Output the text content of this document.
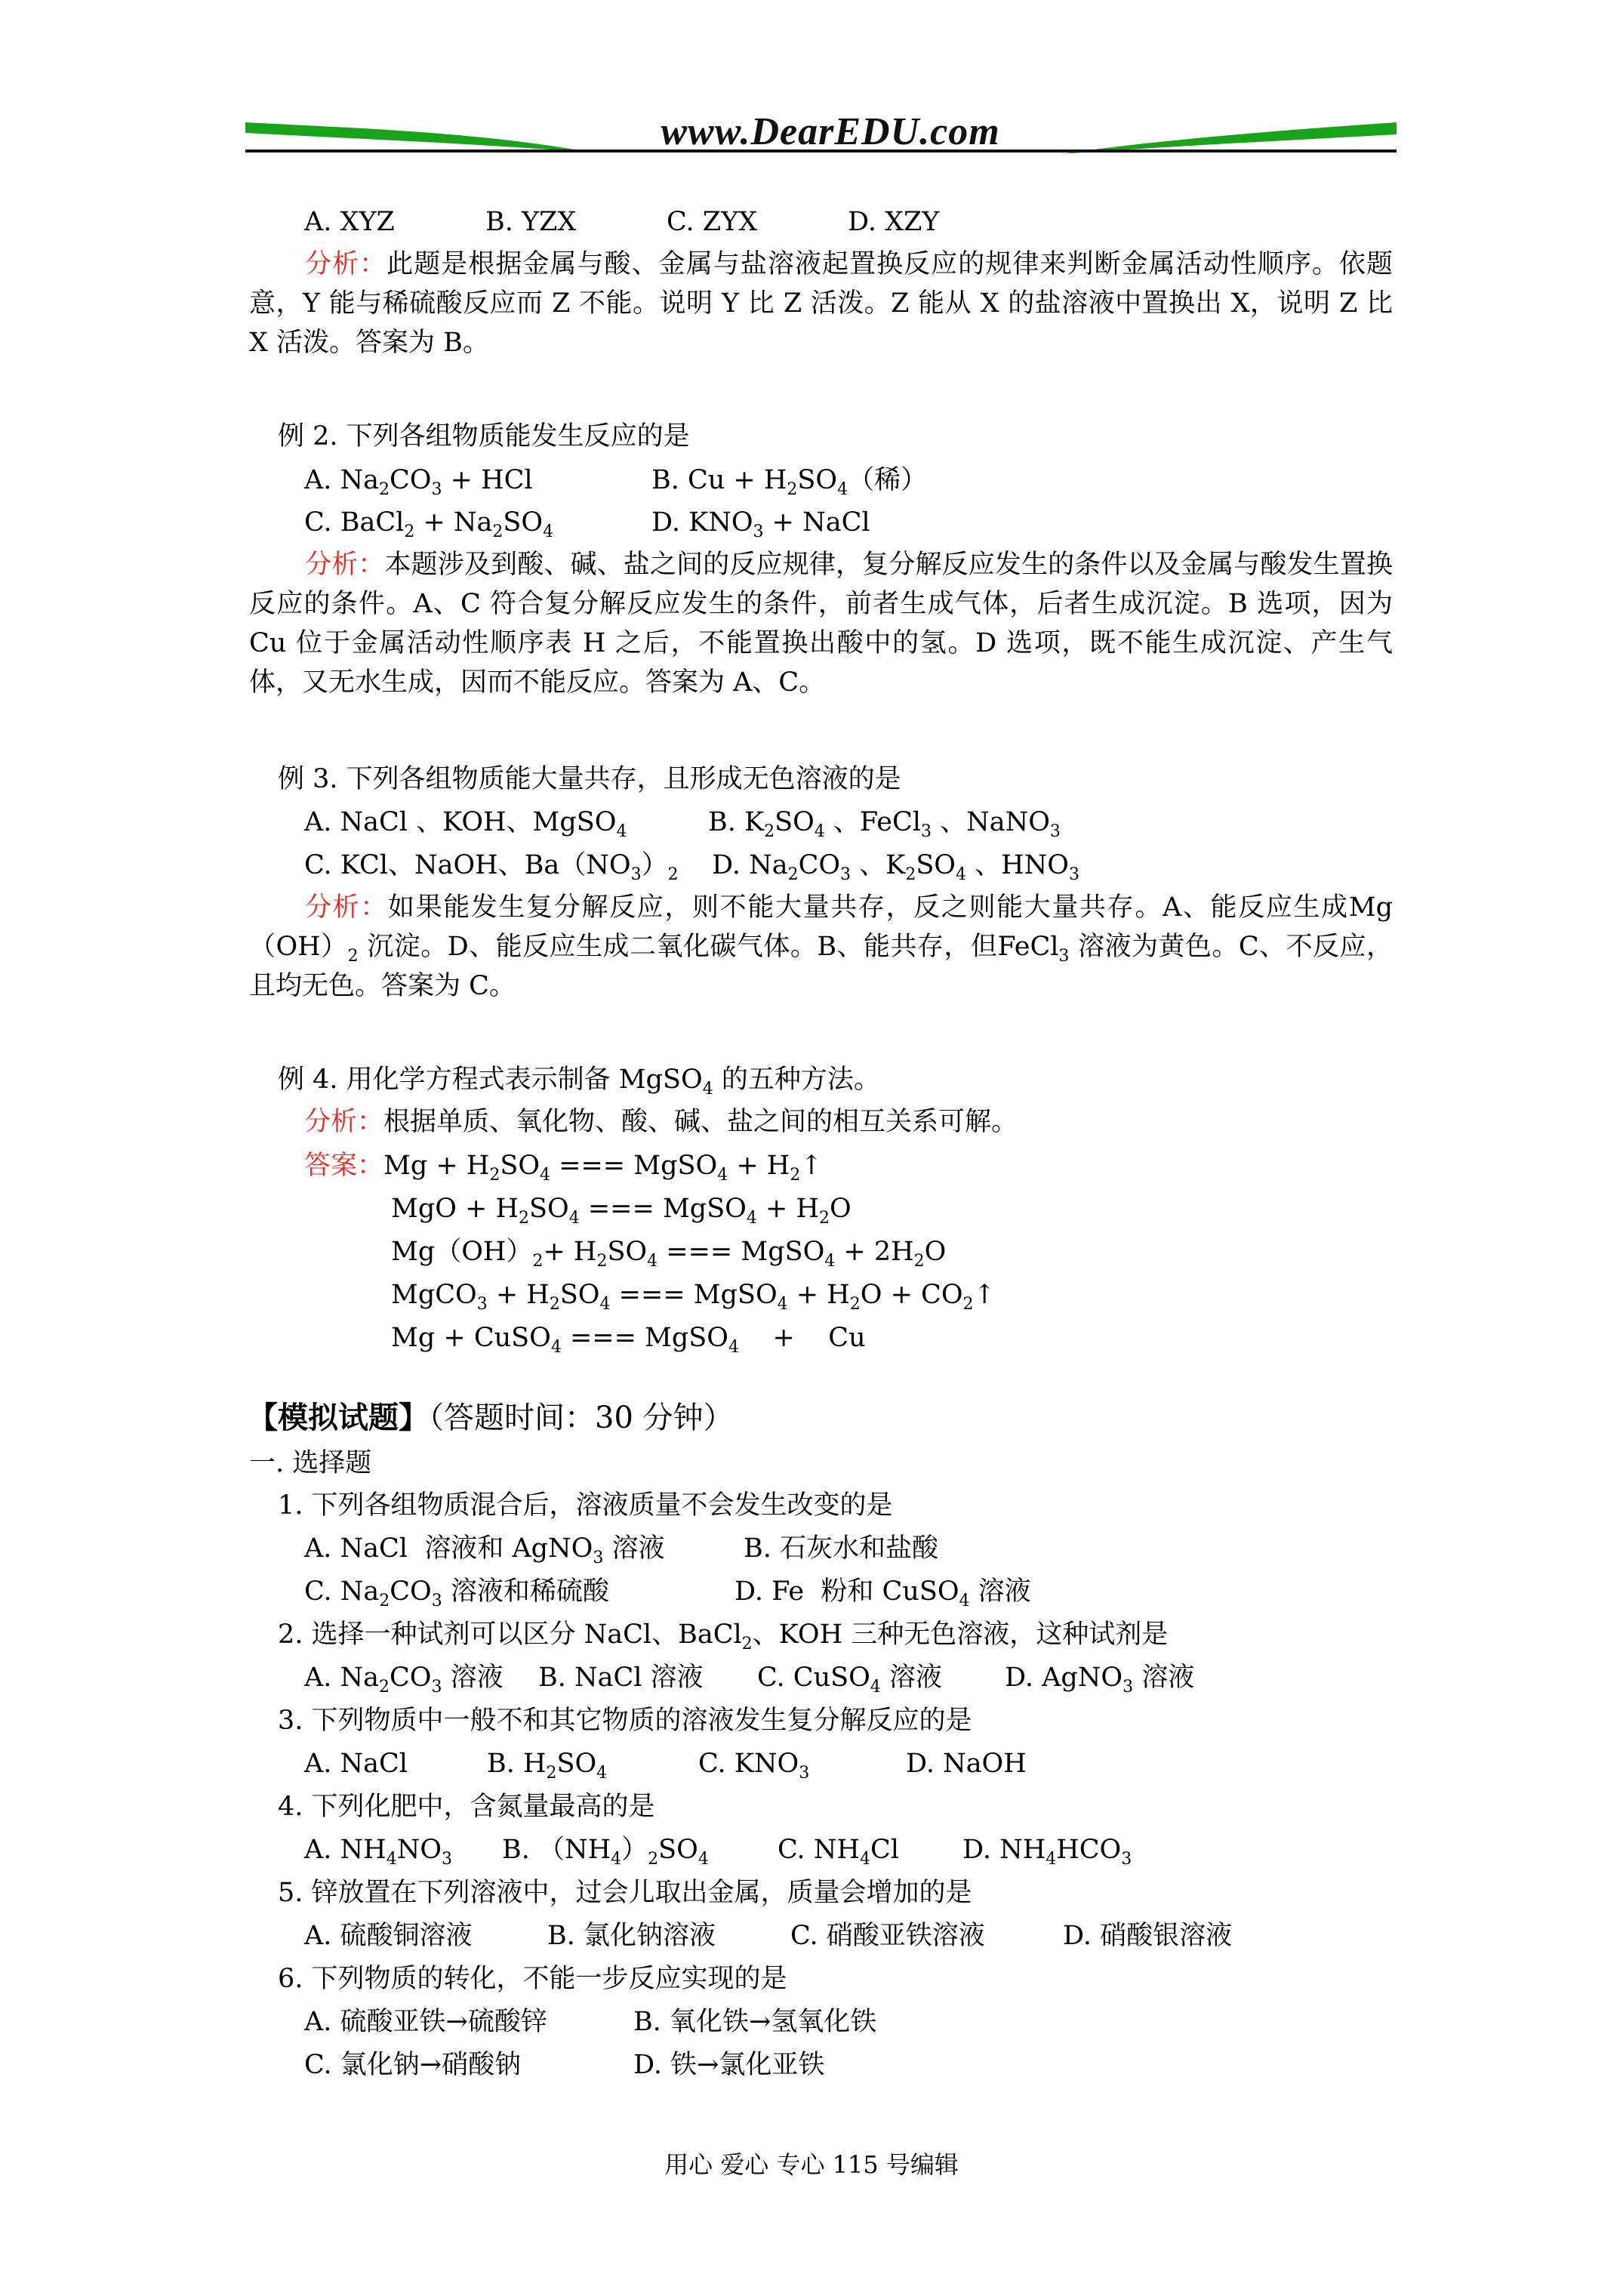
www.DearEDU.com
A. XYZ	B. YZX	C. ZYX	D. XZY
分析：此题是根据金属与酸、金属与盐溶液起置换反应的规律来判断金属活动性顺序。依题意，Y 能与稀硫酸反应而 Z 不能。说明 Y 比 Z 活泼。Z 能从 X 的盐溶液中置换出 X，说明 Z 比 X 活泼。答案为 B。
例 2. 下列各组物质能发生反应的是
A. $Na_2CO_3$ + HCl	B. $Cu + H_2SO_4$（稀）
C. BaCl$_2$ + $Na_2SO_4$	D. $KNO_3$ + NaCl
分析：本题涉及到酸、碱、盐之间的反应规律，复分解反应发生的条件以及金属与酸发生置换反应的条件。A、C 符合复分解反应发生的条件，前者生成气体，后者生成沉淀。B 选项，因为 Cu 位于金属活动性顺序表 H 之后，不能置换出酸中的氢。D 选项，既不能生成沉淀、产生气体，又无水生成，因而不能反应。答案为 A、C。
例 3. 下列各组物质能大量共存，且形成无色溶液的是
A. NaCl 、KOH、MgSO$_4$	B. $K_2SO_4$ 、FeCl$_3$ 、NaNO$_3$
C. KCl、NaOH、$Ba(NO_3)_2$ D. $Na_2CO_3$ 、$K_2SO_4$ 、$HNO_3$
分析：如果能发生复分解反应，则不能大量共存，反之则能大量共存。A、能反应生成$Mg(OH)_2$ 沉淀。D、能反应生成二氧化碳气体。B、能共存，但FeCl$_3$ 溶液为黄色。C、不反应，且均无色。答案为 C。
例 4. 用化学方程式表示制备 MgSO$_4$ 的五种方法。
分析：根据单质、氧化物、酸、碱、盐之间的相互关系可解。
答案：$Mg + H_2SO_4$ === MgSO$_4$ + $H_2↑$
MgO + $H_2SO_4$ === MgSO$_4$ + $H_2O$
$Mg(OH)_2+ H_2SO_4$ === MgSO$_4$ + $2H_2O$
MgCO$_3$ + $H_2SO_4$ === MgSO$_4$ + $H_2O$ + $CO_2↑$
Mg + CuSO$_4$ === MgSO$_4$    +    Cu
【模拟试题】（答题时间：30 分钟）
一. 选择题
1. 下列各组物质混合后，溶液质量不会发生改变的是
A. NaCl  溶液和 AgNO$_3$ 溶液	B. 石灰水和盐酸
C. $Na_2CO_3$ 溶液和稀硫酸	D. Fe  粉和 CuSO$_4$ 溶液
2. 选择一种试剂可以区分 NaCl、BaCl$_2$、KOH 三种无色溶液，这种试剂是
A. $Na_2CO_3$ 溶液 B. NaCl 溶液 C. CuSO$_4$ 溶液 D. AgNO$_3$ 溶液
3. 下列物质中一般不和其它物质的溶液发生复分解反应的是
A. NaCl	B. $H_2SO_4$	C. $KNO_3$	D. NaOH
4. 下列化肥中，含氮量最高的是
A. $NH_4NO_3$ B. $(NH_4)_2SO_4$	C. $NH_4Cl$ D. $NH_4HCO_3$
5. 锌放置在下列溶液中，过会儿取出金属，质量会增加的是
A. 硫酸铜溶液	B. 氯化钠溶液	C. 硝酸亚铁溶液	D. 硝酸银溶液
6. 下列物质的转化，不能一步反应实现的是
A. 硫酸亚铁→硫酸锌	B. 氧化铁→氢氧化铁
C. 氯化钠→硝酸钠	D. 铁→氯化亚铁
用心 爱心 专心 115 号编辑
